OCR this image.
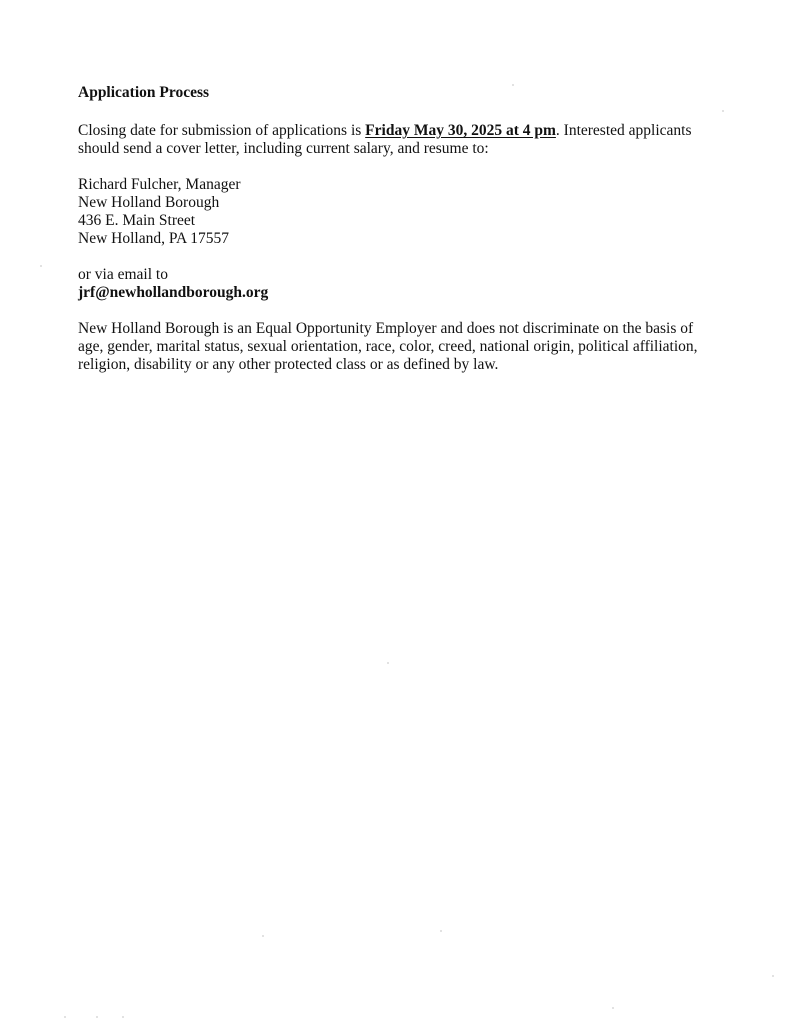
Application Process
Closing date for submission of applications is Friday May 30, 2025 at 4 pm. Interested applicants
should send a cover letter, including current salary, and resume to:
Richard Fulcher, Manager
New Holland Borough
436 E. Main Street
New Holland, PA 17557
or via email to
jrf@newhollandborough.org
New Holland Borough is an Equal Opportunity Employer and does not discriminate on the basis of
age, gender, marital status, sexual orientation, race, color, creed, national origin, political affiliation,
religion, disability or any other protected class or as defined by law.
